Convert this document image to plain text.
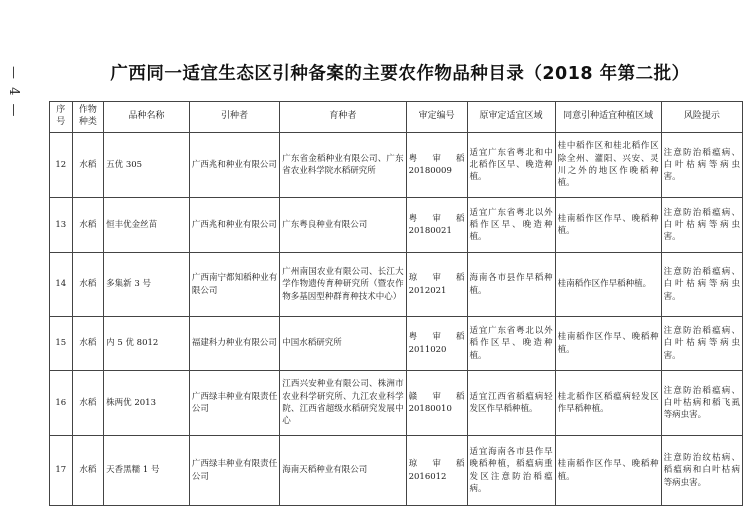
— 4 —	广西同一适宜生态区引种备案的主要农作物品种目录（2018 年第二批）
序号	作物种类	品种名称	引种者	育种者	审定编号	原审定适宜区域	同意引种适宜种植区域	风险提示
12	水稻	五优 305	广西兆和种业有限公司	广东省金稻种业有限公司、广东省农业科学院水稻研究所	粤 审 稻 20180009	适宜广东省粤北和中北稻作区早、晚造种植。	桂中稻作区和桂北稻作区除全州、灌阳、兴安、灵川之外的地区作晚稻种植。	注意防治稻瘟病、白叶枯病等病虫害。
13	水稻	恒丰优金丝苗	广西兆和种业有限公司	广东粤良种业有限公司	粤 审 稻 20180021	适宜广东省粤北以外稻作区早、晚造种植。	桂南稻作区作早、晚稻种植。	注意防治稻瘟病、白叶枯病等病虫害。
14	水稻	多集新 3 号	广西南宁都知稻种业有限公司	广州南国农业有限公司、长江大学作物遗传育种研究所（暨农作物多基因型种群育种技术中心）	琼审稻 2012021	海南各市县作早稻种植。	桂南稻作区作早稻种植。	注意防治稻瘟病、白叶枯病等病虫害。
15	水稻	内 5 优 8012	福建科力种业有限公司	中国水稻研究所	粤 审 稻 2011020	适宜广东省粤北以外稻作区早、晚造种植。	桂南稻作区作早、晚稻种植。	注意防治稻瘟病、白叶枯病等病虫害。
16	水稻	株两优 2013	广西绿丰种业有限责任公司	江西兴安种业有限公司、株洲市农业科学研究所、九江农业科学院、江西省超级水稻研究发展中心	赣 审 稻 20180010	适宜江西省稻瘟病轻发区作早稻种植。	桂北稻作区稻瘟病轻发区作早稻种植。	注意防治稻瘟病、白叶枯病和稻飞虱等病虫害。
17	水稻	天香黑糯 1 号	广西绿丰种业有限责任公司	海南天稻种业有限公司	琼 审 稻 2016012	适宜海南各市县作早晚稻种植，稻瘟病重发区注意防治稻瘟病。	桂南稻作区作早、晚稻种植。	注意防治纹枯病、稻瘟病和白叶枯病等病虫害。
